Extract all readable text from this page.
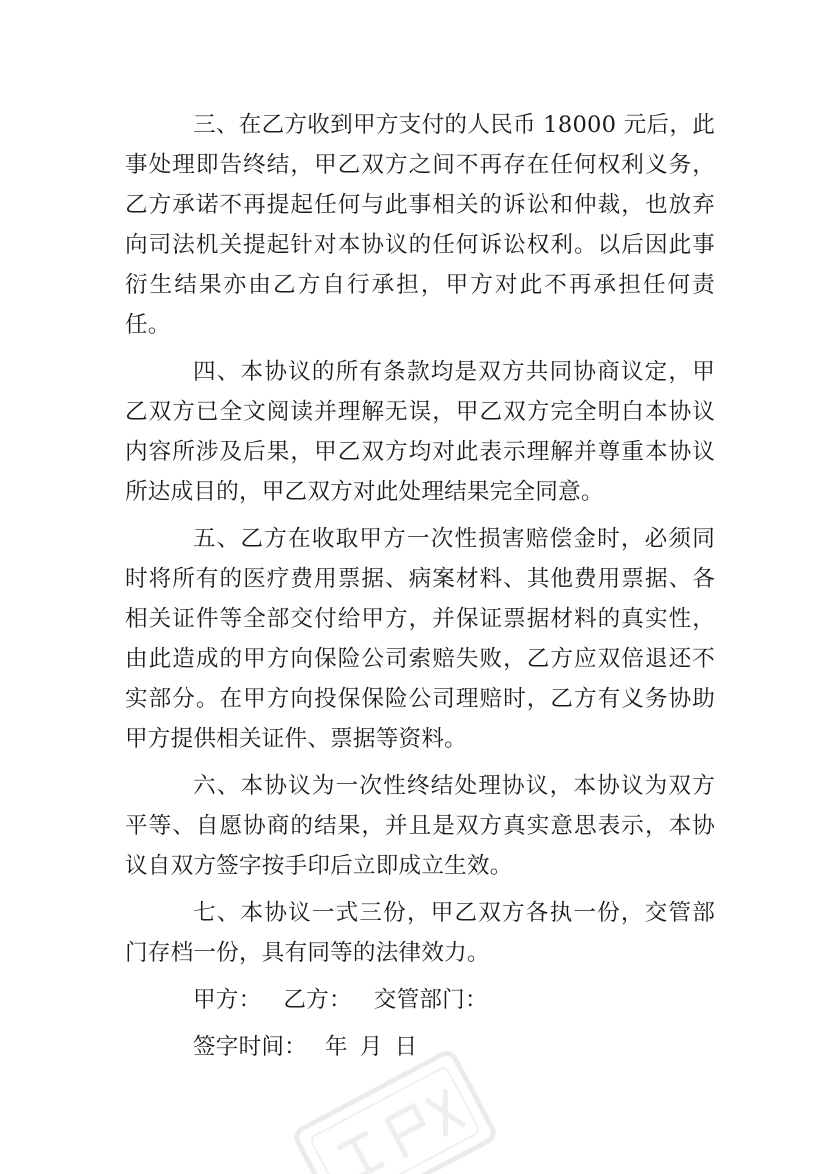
三、在乙方收到甲方支付的人民币 18000 元后，此事处理即告终结，甲乙双方之间不再存在任何权利义务，乙方承诺不再提起任何与此事相关的诉讼和仲裁，也放弃向司法机关提起针对本协议的任何诉讼权利。以后因此事衍生结果亦由乙方自行承担，甲方对此不再承担任何责任。

四、本协议的所有条款均是双方共同协商议定，甲乙双方已全文阅读并理解无误，甲乙双方完全明白本协议内容所涉及后果，甲乙双方均对此表示理解并尊重本协议所达成目的，甲乙双方对此处理结果完全同意。

五、乙方在收取甲方一次性损害赔偿金时，必须同时将所有的医疗费用票据、病案材料、其他费用票据、各相关证件等全部交付给甲方，并保证票据材料的真实性，由此造成的甲方向保险公司索赔失败，乙方应双倍退还不实部分。在甲方向投保保险公司理赔时，乙方有义务协助甲方提供相关证件、票据等资料。

六、本协议为一次性终结处理协议，本协议为双方平等、自愿协商的结果，并且是双方真实意思表示，本协议自双方签字按手印后立即成立生效。

七、本协议一式三份，甲乙双方各执一份，交管部门存档一份，具有同等的法律效力。

甲方： 乙方： 交管部门：

签字时间： 年 月 日
